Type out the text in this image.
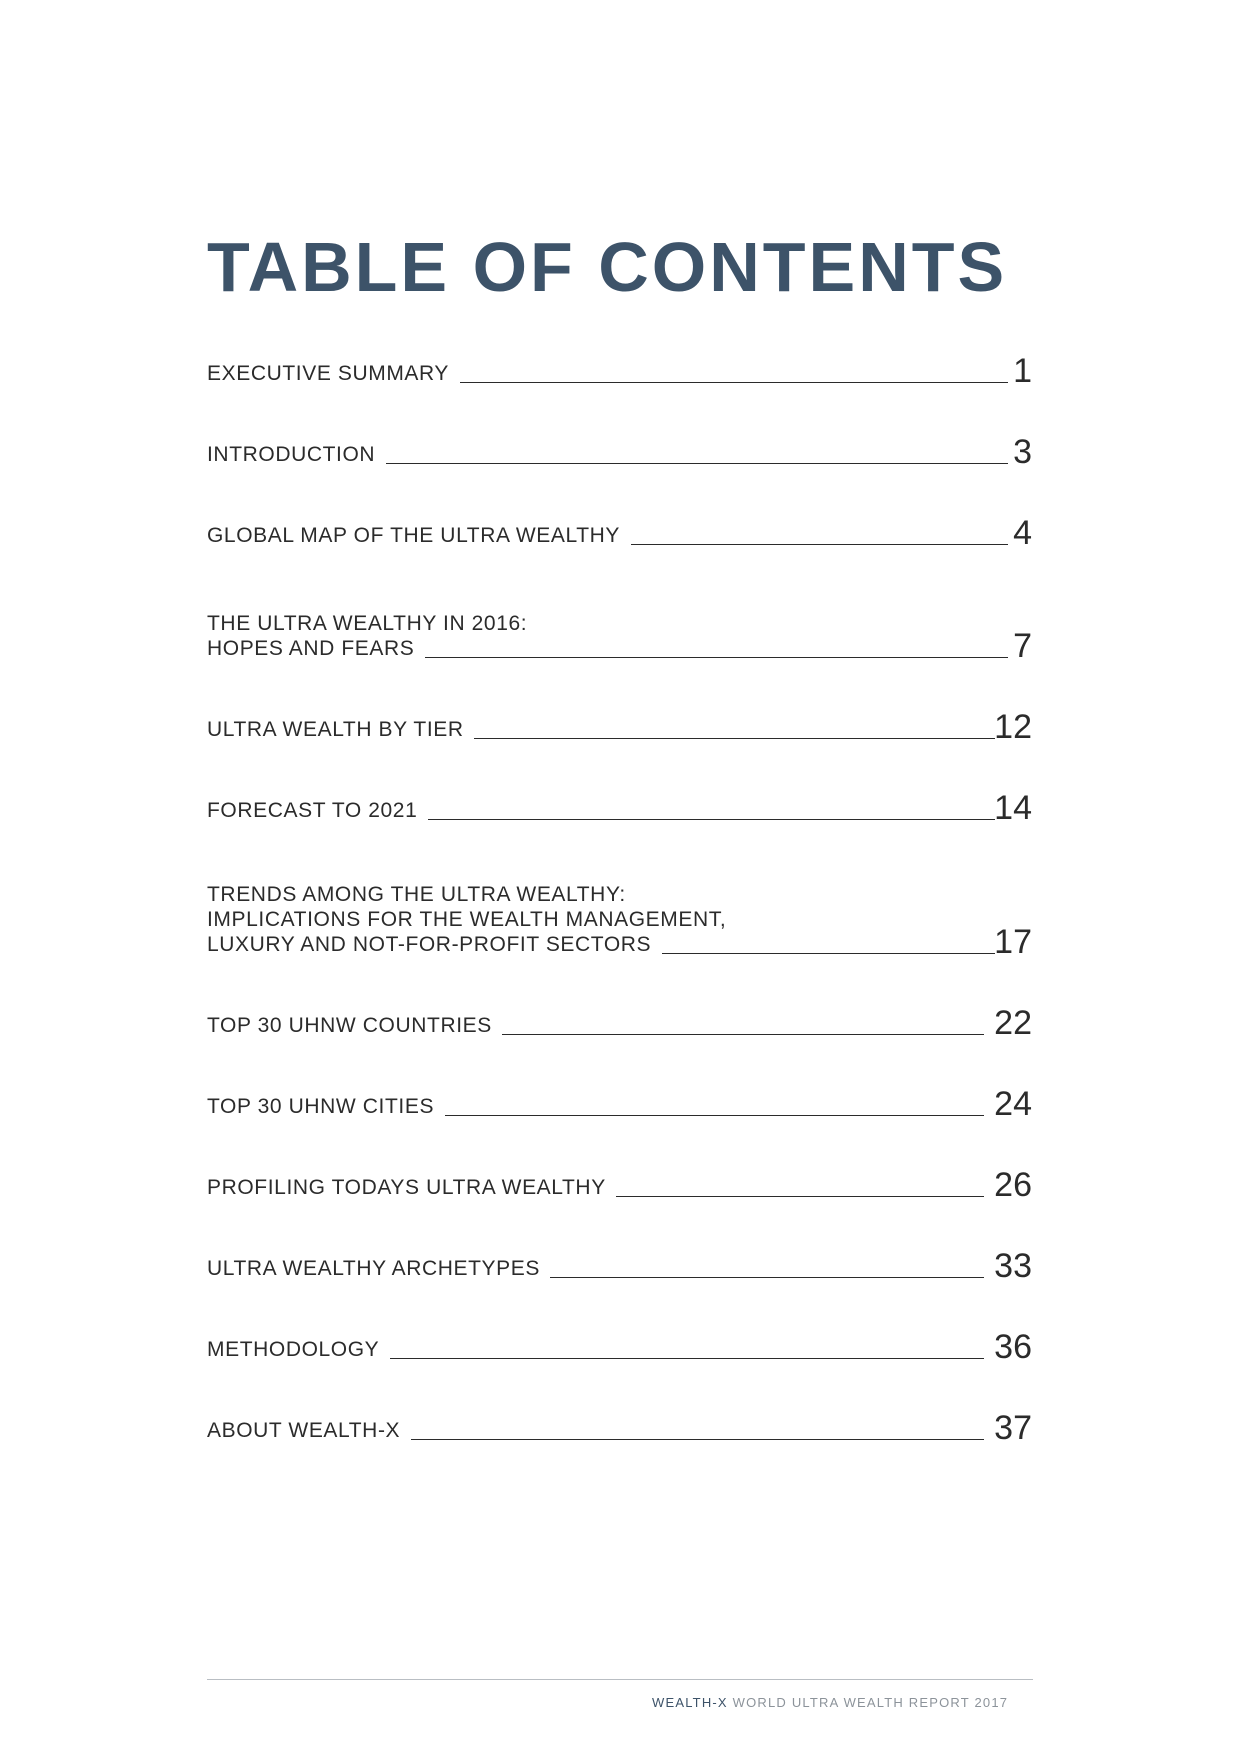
TABLE OF CONTENTS
EXECUTIVE SUMMARY	1
INTRODUCTION	3
GLOBAL MAP OF THE ULTRA WEALTHY	4
THE ULTRA WEALTHY IN 2016:
HOPES AND FEARS	7
ULTRA WEALTH BY TIER	12
FORECAST TO 2021	14
TRENDS AMONG THE ULTRA WEALTHY:
IMPLICATIONS FOR THE WEALTH MANAGEMENT,
LUXURY AND NOT-FOR-PROFIT SECTORS	17
TOP 30 UHNW COUNTRIES	22
TOP 30 UHNW CITIES	24
PROFILING TODAYS ULTRA WEALTHY	26
ULTRA WEALTHY ARCHETYPES	33
METHODOLOGY	36
ABOUT WEALTH-X	37
WEALTH-X WORLD ULTRA WEALTH REPORT 2017
